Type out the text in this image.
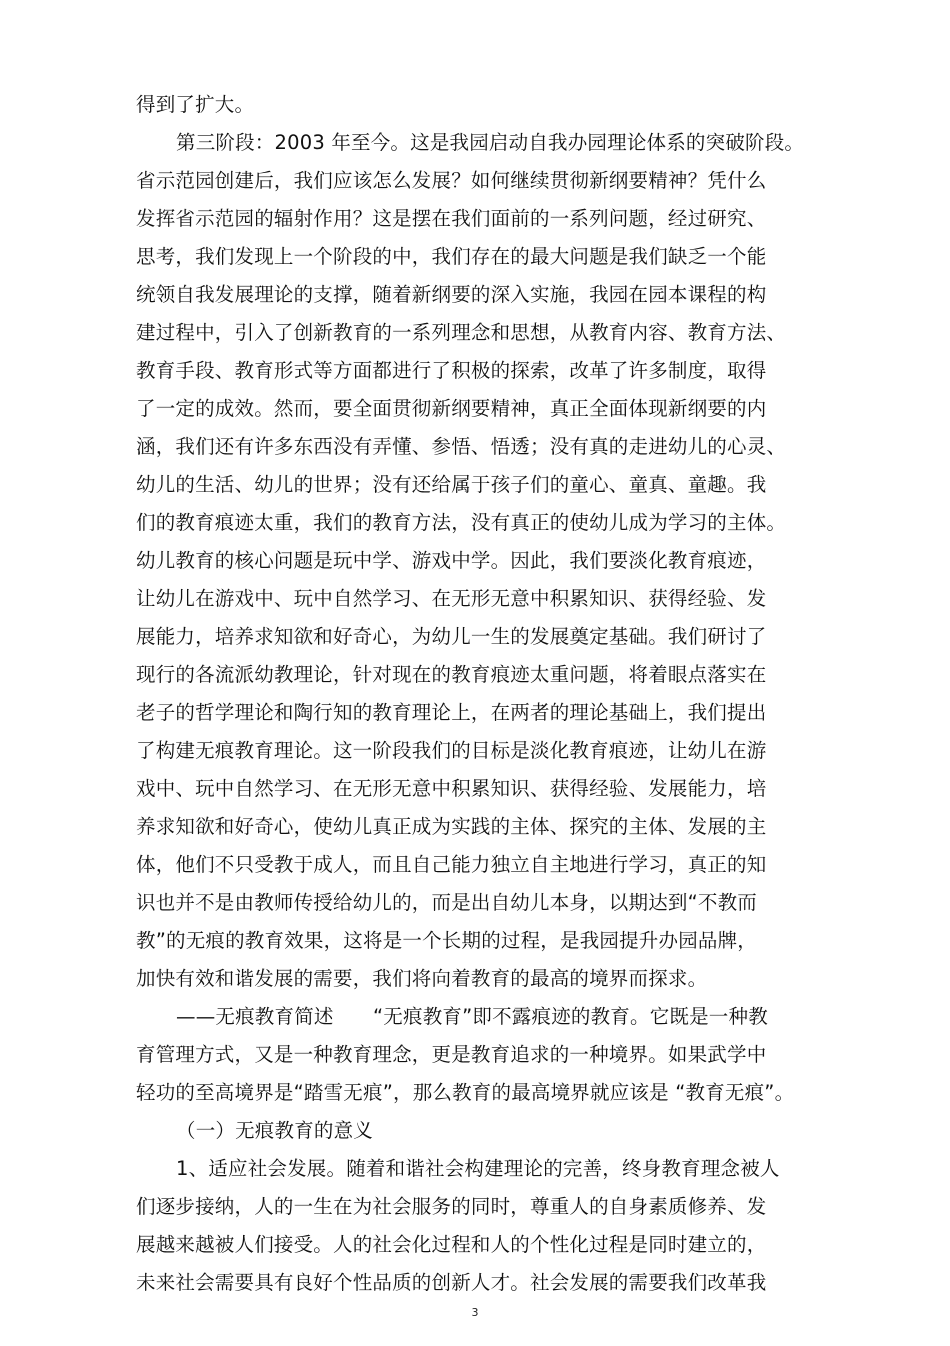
得到了扩大。
第三阶段：2003 年至今。这是我园启动自我办园理论体系的突破阶段。
省示范园创建后，我们应该怎么发展？如何继续贯彻新纲要精神？凭什么
发挥省示范园的辐射作用？这是摆在我们面前的一系列问题，经过研究、
思考，我们发现上一个阶段的中，我们存在的最大问题是我们缺乏一个能
统领自我发展理论的支撑，随着新纲要的深入实施，我园在园本课程的构
建过程中，引入了创新教育的一系列理念和思想，从教育内容、教育方法、
教育手段、教育形式等方面都进行了积极的探索，改革了许多制度，取得
了一定的成效。然而，要全面贯彻新纲要精神，真正全面体现新纲要的内
涵，我们还有许多东西没有弄懂、参悟、悟透；没有真的走进幼儿的心灵、
幼儿的生活、幼儿的世界；没有还给属于孩子们的童心、童真、童趣。我
们的教育痕迹太重，我们的教育方法，没有真正的使幼儿成为学习的主体。
幼儿教育的核心问题是玩中学、游戏中学。因此，我们要淡化教育痕迹，
让幼儿在游戏中、玩中自然学习、在无形无意中积累知识、获得经验、发
展能力，培养求知欲和好奇心，为幼儿一生的发展奠定基础。我们研讨了
现行的各流派幼教理论，针对现在的教育痕迹太重问题，将着眼点落实在
老子的哲学理论和陶行知的教育理论上，在两者的理论基础上，我们提出
了构建无痕教育理论。这一阶段我们的目标是淡化教育痕迹，让幼儿在游
戏中、玩中自然学习、在无形无意中积累知识、获得经验、发展能力，培
养求知欲和好奇心，使幼儿真正成为实践的主体、探究的主体、发展的主
体，他们不只受教于成人，而且自己能力独立自主地进行学习，真正的知
识也并不是由教师传授给幼儿的，而是出自幼儿本身，以期达到“不教而
教”的无痕的教育效果，这将是一个长期的过程，是我园提升办园品牌，
加快有效和谐发展的需要，我们将向着教育的最高的境界而探求。
——无痕教育简述　　“无痕教育”即不露痕迹的教育。它既是一种教
育管理方式，又是一种教育理念，更是教育追求的一种境界。如果武学中
轻功的至高境界是“踏雪无痕”，那么教育的最高境界就应该是 “教育无痕”。
（一）无痕教育的意义
1、适应社会发展。随着和谐社会构建理论的完善，终身教育理念被人
们逐步接纳，人的一生在为社会服务的同时，尊重人的自身素质修养、发
展越来越被人们接受。人的社会化过程和人的个性化过程是同时建立的，
未来社会需要具有良好个性品质的创新人才。社会发展的需要我们改革我
3
